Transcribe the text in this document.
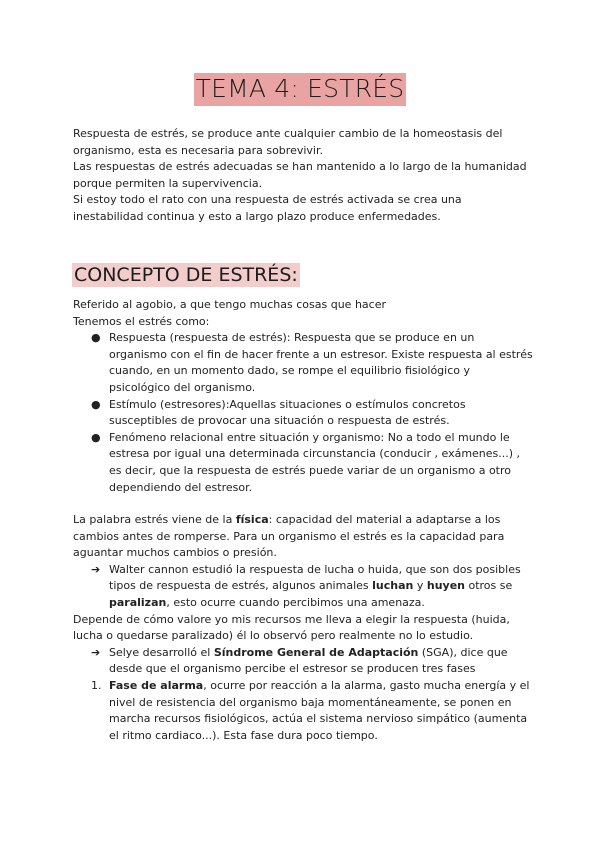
TEMA 4: ESTRÉS

Respuesta de estrés, se produce ante cualquier cambio de la homeostasis del organismo, esta es necesaria para sobrevivir.

Las respuestas de estrés adecuadas se han mantenido a lo largo de la humanidad porque permiten la supervivencia.

Si estoy todo el rato con una respuesta de estrés activada se crea una inestabilidad continua y esto a largo plazo produce enfermedades.

CONCEPTO DE ESTRÉS:

Referido al agobio, a que tengo muchas cosas que hacer

Tenemos el estrés como:

● Respuesta (respuesta de estrés): Respuesta que se produce en un organismo con el fin de hacer frente a un estresor. Existe respuesta al estrés cuando, en un momento dado, se rompe el equilibrio fisiológico y psicológico del organismo.
● Estímulo (estresores):Aquellas situaciones o estímulos concretos susceptibles de provocar una situación o respuesta de estrés.
● Fenómeno relacional entre situación y organismo: No a todo el mundo le estresa por igual una determinada circunstancia (conducir , exámenes...) , es decir, que la respuesta de estrés puede variar de un organismo a otro dependiendo del estresor.

La palabra estrés viene de la física: capacidad del material a adaptarse a los cambios antes de romperse. Para un organismo el estrés es la capacidad para aguantar muchos cambios o presión.

➔ Walter cannon estudió la respuesta de lucha o huida, que son dos posibles tipos de respuesta de estrés, algunos animales luchan y huyen otros se paralizan, esto ocurre cuando percibimos una amenaza.

Depende de cómo valore yo mis recursos me lleva a elegir la respuesta (huida, lucha o quedarse paralizado) él lo observó pero realmente no lo estudio.

➔ Selye desarrolló el Síndrome General de Adaptación (SGA), dice que desde que el organismo percibe el estresor se producen tres fases
1. Fase de alarma, ocurre por reacción a la alarma, gasto mucha energía y el nivel de resistencia del organismo baja momentáneamente, se ponen en marcha recursos fisiológicos, actúa el sistema nervioso simpático (aumenta el ritmo cardiaco...). Esta fase dura poco tiempo.
